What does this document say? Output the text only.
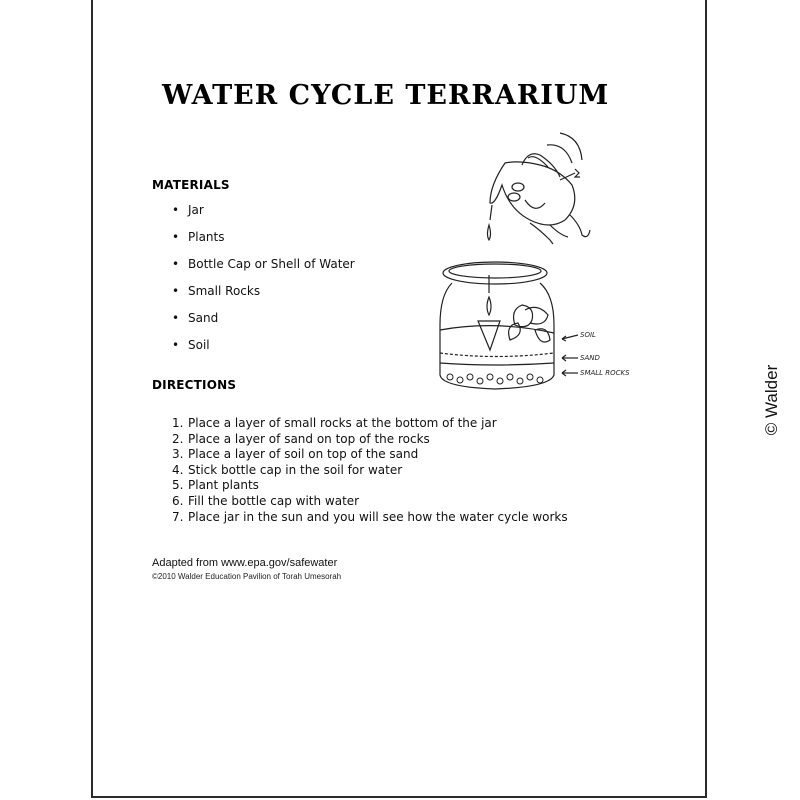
WATER CYCLE TERRARIUM
MATERIALS
• Jar
• Plants
• Bottle Cap or Shell of Water
• Small Rocks
• Sand
• Soil
DIRECTIONS
1. Place a layer of small rocks at the bottom of the jar
2. Place a layer of sand on top of the rocks
3. Place a layer of soil on top of the sand
4. Stick bottle cap in the soil for water
5. Plant plants
6. Fill the bottle cap with water
7. Place jar in the sun and you will see how the water cycle works
Adapted from www.epa.gov/safewater
©2010 Walder Education Pavilion of Torah Umesorah
© Walder
SOIL
SAND
SMALL ROCKS
